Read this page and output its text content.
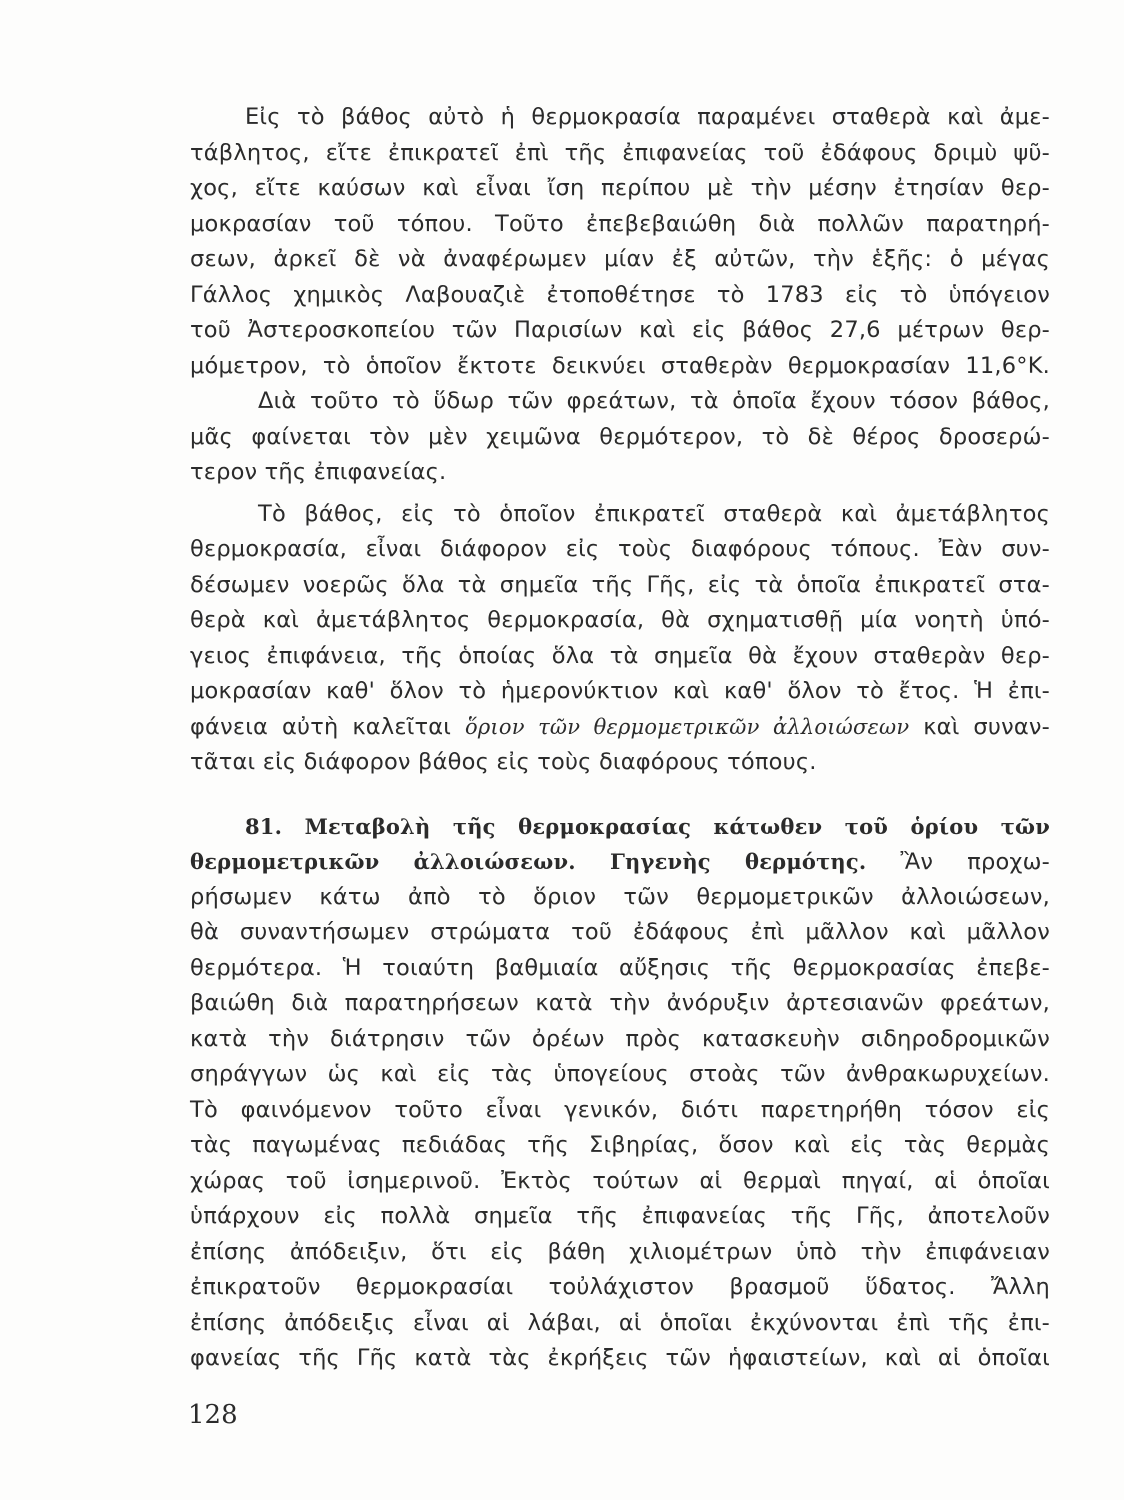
Εἰς τὸ βάθος αὐτὸ ἡ θερμοκρασία παραμένει σταθερὰ καὶ ἀμε-
τάβλητος, εἴτε ἐπικρατεῖ ἐπὶ τῆς ἐπιφανείας τοῦ ἐδάφους δριμὺ ψῦ-
χος, εἴτε καύσων καὶ εἶναι ἴση περίπου μὲ τὴν μέσην ἐτησίαν θερ-
μοκρασίαν τοῦ τόπου. Τοῦτο ἐπεβεβαιώθη διὰ πολλῶν παρατηρή-
σεων, ἀρκεῖ δὲ νὰ ἀναφέρωμεν μίαν ἐξ αὐτῶν, τὴν ἑξῆς: ὁ μέγας
Γάλλος χημικὸς Λαβουαζιὲ ἐτοποθέτησε τὸ 1783 εἰς τὸ ὑπόγειον
τοῦ Ἀστεροσκοπείου τῶν Παρισίων καὶ εἰς βάθος 27,6 μέτρων θερ-
μόμετρον, τὸ ὁποῖον ἔκτοτε δεικνύει σταθερὰν θερμοκρασίαν 11,6°Κ.
Διὰ τοῦτο τὸ ὕδωρ τῶν φρεάτων, τὰ ὁποῖα ἔχουν τόσον βάθος,
μᾶς φαίνεται τὸν μὲν χειμῶνα θερμότερον, τὸ δὲ θέρος δροσερώ-
τερον τῆς ἐπιφανείας.
Τὸ βάθος, εἰς τὸ ὁποῖον ἐπικρατεῖ σταθερὰ καὶ ἀμετάβλητος
θερμοκρασία, εἶναι διάφορον εἰς τοὺς διαφόρους τόπους. Ἐὰν συν-
δέσωμεν νοερῶς ὅλα τὰ σημεῖα τῆς Γῆς, εἰς τὰ ὁποῖα ἐπικρατεῖ στα-
θερὰ καὶ ἀμετάβλητος θερμοκρασία, θὰ σχηματισθῇ μία νοητὴ ὑπό-
γειος ἐπιφάνεια, τῆς ὁποίας ὅλα τὰ σημεῖα θὰ ἔχουν σταθερὰν θερ-
μοκρασίαν καθ' ὅλον τὸ ἡμερονύκτιον καὶ καθ' ὅλον τὸ ἔτος. Ἡ ἐπι-
φάνεια αὐτὴ καλεῖται ὅριον τῶν θερμομετρικῶν ἀλλοιώσεων καὶ συναν-
τᾶται εἰς διάφορον βάθος εἰς τοὺς διαφόρους τόπους.
81. Μεταβολὴ τῆς θερμοκρασίας κάτωθεν τοῦ ὁρίου τῶν
θερμομετρικῶν ἀλλοιώσεων. Γηγενὴς θερμότης. Ἂν προχω-
ρήσωμεν κάτω ἀπὸ τὸ ὅριον τῶν θερμομετρικῶν ἀλλοιώσεων,
θὰ συναντήσωμεν στρώματα τοῦ ἐδάφους ἐπὶ μᾶλλον καὶ μᾶλλον
θερμότερα. Ἡ τοιαύτη βαθμιαία αὔξησις τῆς θερμοκρασίας ἐπεβε-
βαιώθη διὰ παρατηρήσεων κατὰ τὴν ἀνόρυξιν ἀρτεσιανῶν φρεάτων,
κατὰ τὴν διάτρησιν τῶν ὀρέων πρὸς κατασκευὴν σιδηροδρομικῶν
σηράγγων ὡς καὶ εἰς τὰς ὑπογείους στοὰς τῶν ἀνθρακωρυχείων.
Τὸ φαινόμενον τοῦτο εἶναι γενικόν, διότι παρετηρήθη τόσον εἰς
τὰς παγωμένας πεδιάδας τῆς Σιβηρίας, ὅσον καὶ εἰς τὰς θερμὰς
χώρας τοῦ ἰσημερινοῦ. Ἐκτὸς τούτων αἱ θερμαὶ πηγαί, αἱ ὁποῖαι
ὑπάρχουν εἰς πολλὰ σημεῖα τῆς ἐπιφανείας τῆς Γῆς, ἀποτελοῦν
ἐπίσης ἀπόδειξιν, ὅτι εἰς βάθη χιλιομέτρων ὑπὸ τὴν ἐπιφάνειαν
ἐπικρατοῦν θερμοκρασίαι τοὐλάχιστον βρασμοῦ ὕδατος. Ἄλλη
ἐπίσης ἀπόδειξις εἶναι αἱ λάβαι, αἱ ὁποῖαι ἐκχύνονται ἐπὶ τῆς ἐπι-
φανείας τῆς Γῆς κατὰ τὰς ἐκρήξεις τῶν ἡφαιστείων, καὶ αἱ ὁποῖαι
128
